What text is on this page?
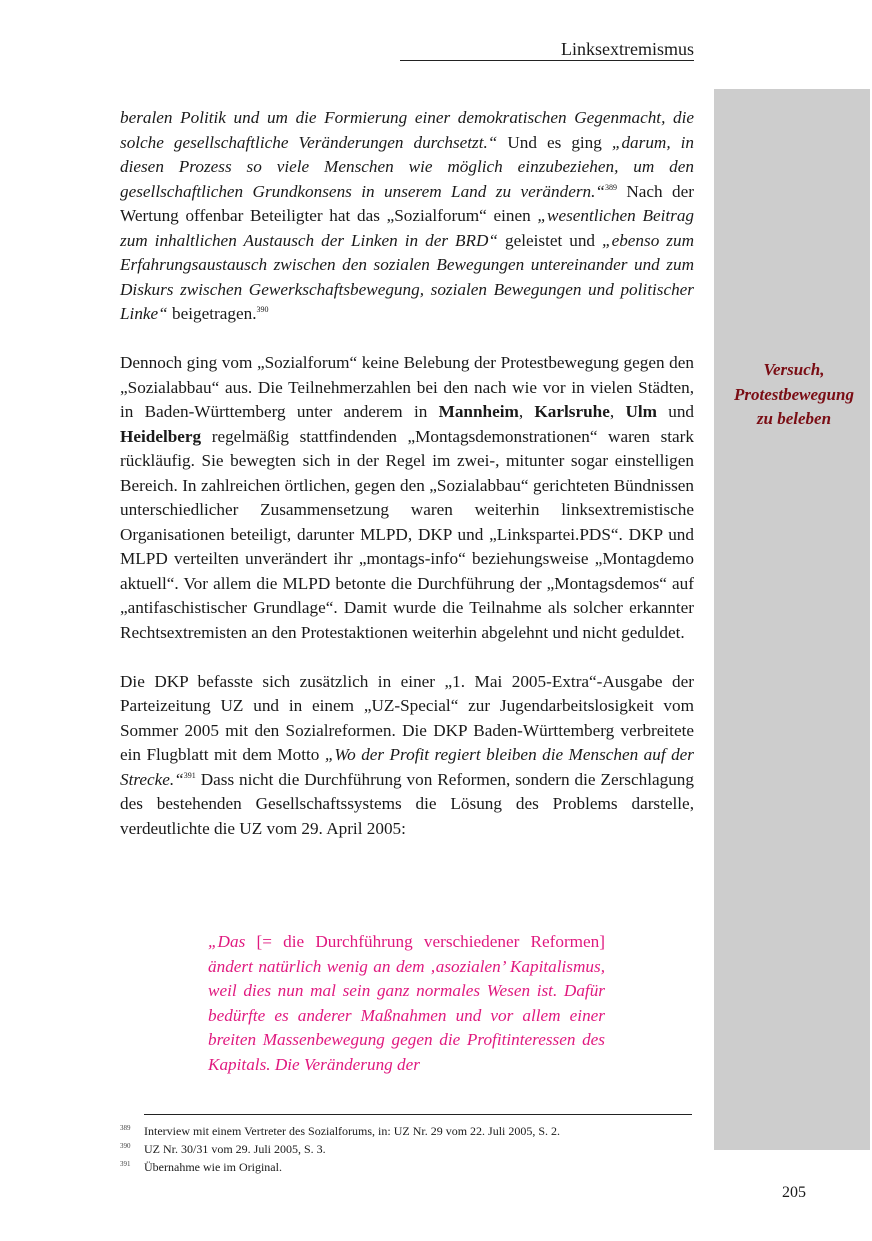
Linksextremismus
Versuch,
Protestbewegung
zu beleben

beralen Politik und um die Formierung einer demokratischen Gegenmacht, die solche gesellschaftliche Veränderungen durchsetzt.“ Und es ging „darum, in diesen Prozess so viele Menschen wie möglich einzubeziehen, um den gesellschaftlichen Grundkonsens in unserem Land zu verändern.“$^{389}$ Nach der Wertung offenbar Beteiligter hat das „Sozialforum“ einen „wesentlichen Beitrag zum inhaltlichen Austausch der Linken in der BRD“ geleistet und „ebenso zum Erfahrungsaustausch zwischen den sozialen Bewegungen untereinander und zum Diskurs zwischen Gewerkschaftsbewegung, sozialen Bewegungen und politischer Linke“ beigetragen.$^{390}$

Dennoch ging vom „Sozialforum“ keine Belebung der Protestbewegung gegen den „Sozialabbau“ aus. Die Teilnehmerzahlen bei den nach wie vor in vielen Städten, in Baden-Württemberg unter anderem in Mannheim, Karlsruhe, Ulm und Heidelberg regelmäßig stattfindenden „Montagsdemonstrationen“ waren stark rückläufig. Sie bewegten sich in der Regel im zwei-, mitunter sogar einstelligen Bereich. In zahlreichen örtlichen, gegen den „Sozialabbau“ gerichteten Bündnissen unterschiedlicher Zusammensetzung waren weiterhin linksextremistische Organisationen beteiligt, darunter MLPD, DKP und „Linkspartei.PDS“. DKP und MLPD verteilten unverändert ihr „montags-info“ beziehungsweise „Montagdemo aktuell“. Vor allem die MLPD betonte die Durchführung der „Montagsdemos“ auf „antifaschistischer Grundlage“. Damit wurde die Teilnahme als solcher erkannter Rechtsextremisten an den Protestaktionen weiterhin abgelehnt und nicht geduldet.

Die DKP befasste sich zusätzlich in einer „1. Mai 2005-Extra“-Ausgabe der Parteizeitung UZ und in einem „UZ-Special“ zur Jugendarbeitslosigkeit vom Sommer 2005 mit den Sozialreformen. Die DKP Baden-Württemberg verbreitete ein Flugblatt mit dem Motto „Wo der Profit regiert bleiben die Menschen auf der Strecke.“$^{391}$ Dass nicht die Durchführung von Reformen, sondern die Zerschlagung des bestehenden Gesellschaftssystems die Lösung des Problems darstelle, verdeutlichte die UZ vom 29. April 2005:

„Das [= die Durchführung verschiedener Reformen] ändert natürlich wenig an dem ‚asozialen’ Kapitalismus, weil dies nun mal sein ganz normales Wesen ist. Dafür bedürfte es anderer Maßnahmen und vor allem einer breiten Massenbewegung gegen die Profitinteressen des Kapitals. Die Veränderung der
389 Interview mit einem Vertreter des Sozialforums, in: UZ Nr. 29 vom 22. Juli 2005, S. 2.
390 UZ Nr. 30/31 vom 29. Juli 2005, S. 3.
391 Übernahme wie im Original.
205
